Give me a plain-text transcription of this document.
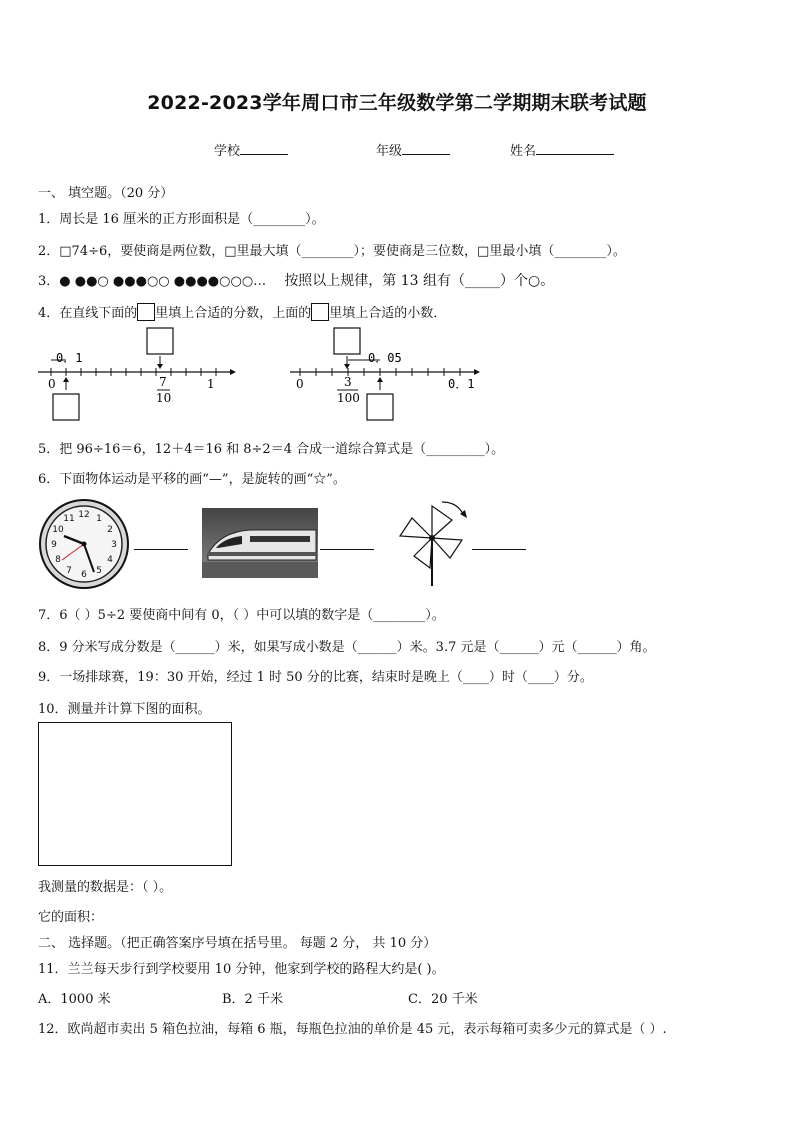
2022-2023学年周口市三年级数学第二学期期末联考试题
学校	年级	姓名
一、 填空题。（20 分）
1．周长是 16 厘米的正方形面积是（________）。
2．□74÷6，要使商是两位数，□里最大填（________）；要使商是三位数，□里最小填（________）。
3．● ●●○ ●●●○○ ●●●●○○○… 按照以上规律，第 13 组有（_____）个○。
4．在直线下面的 里填上合适的分数，上面的 里填上合适的小数．
0．1
0	1
7
10
0．05
0	0．1
3
100
5．把 96÷16＝6，12＋4＝16 和 8÷2＝4 合成一道综合算式是（_________）。
6．下面物体运动是平移的画“—”，是旋转的画“☆”。
12 1
2
3
4
5
6
7
8
9
10
11
7．6（ ）5÷2 要使商中间有 0，（ ）中可以填的数字是（________）。
8．9 分米写成分数是（______）米，如果写成小数是（______）米。3.7 元是（______）元（______）角。
9．一场排球赛，19：30 开始，经过 1 时 50 分的比赛，结束时是晚上（____）时（____）分。
10．测量并计算下图的面积。
我测量的数据是：（ ）。
它的面积：
二、 选择题。（把正确答案序号填在括号里。 每题 2 分， 共 10 分）
11．兰兰每天步行到学校要用 10 分钟，他家到学校的路程大约是( )。
A．1000 米	B．2 千米	C．20 千米
12．欧尚超市卖出 5 箱色拉油，每箱 6 瓶，每瓶色拉油的单价是 45 元，表示每箱可卖多少元的算式是（ ）.
